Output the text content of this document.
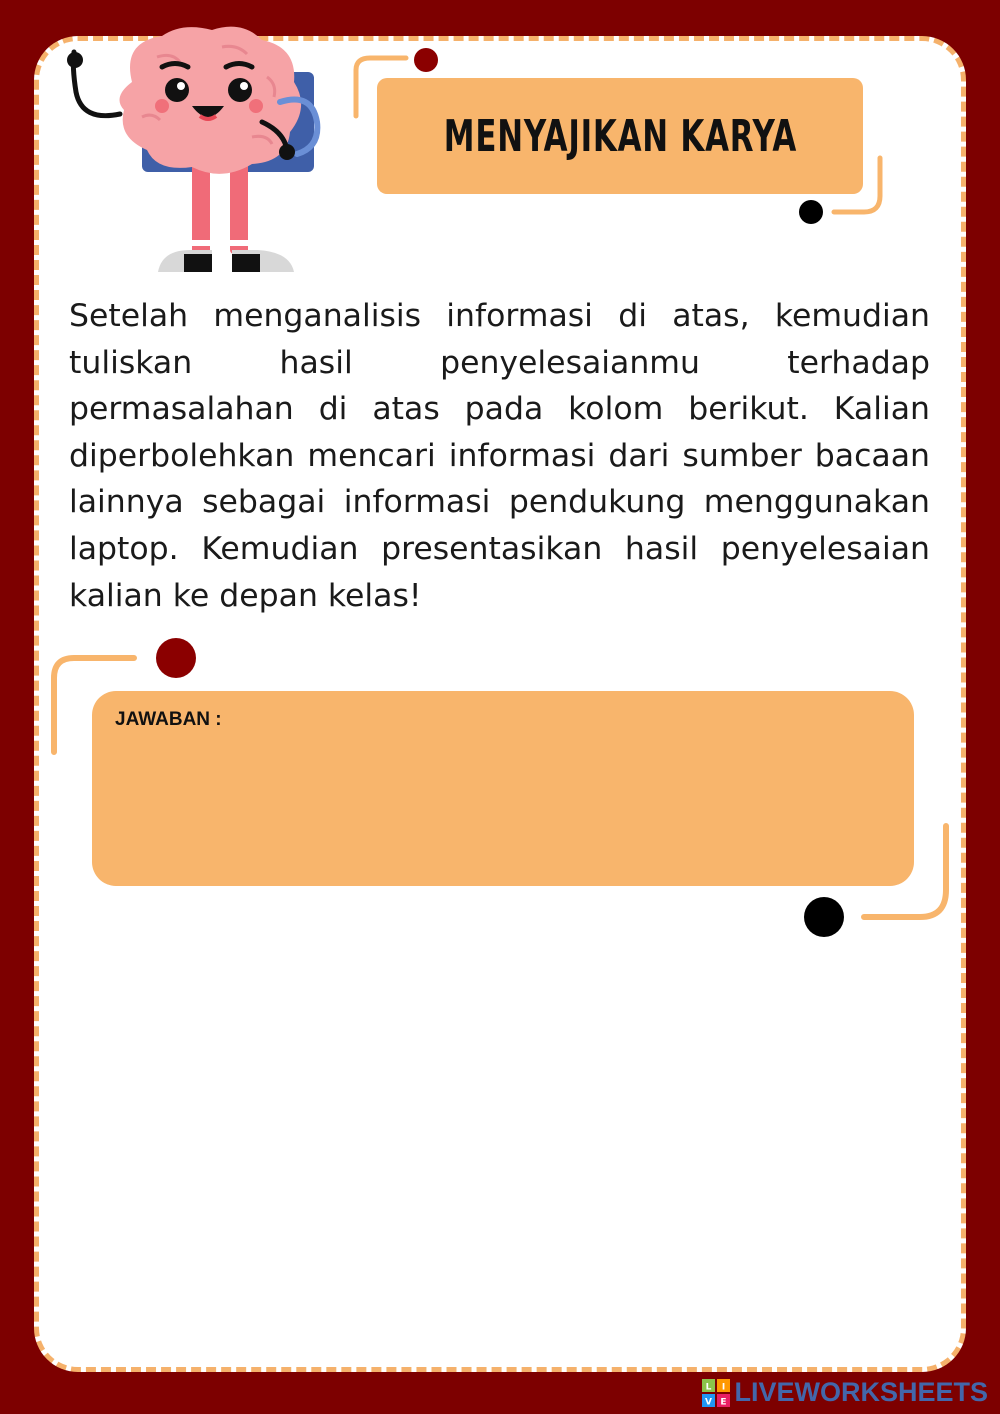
MENYAJIKAN KARYA

Setelah menganalisis informasi di atas, kemudian tuliskan hasil penyelesaianmu terhadap permasalahan di atas pada kolom berikut. Kalian diperbolehkan mencari informasi dari sumber bacaan lainnya sebagai informasi pendukung menggunakan laptop. Kemudian presentasikan hasil penyelesaian kalian ke depan kelas!

JAWABAN :
L I
V E LIVEWORKSHEETS
